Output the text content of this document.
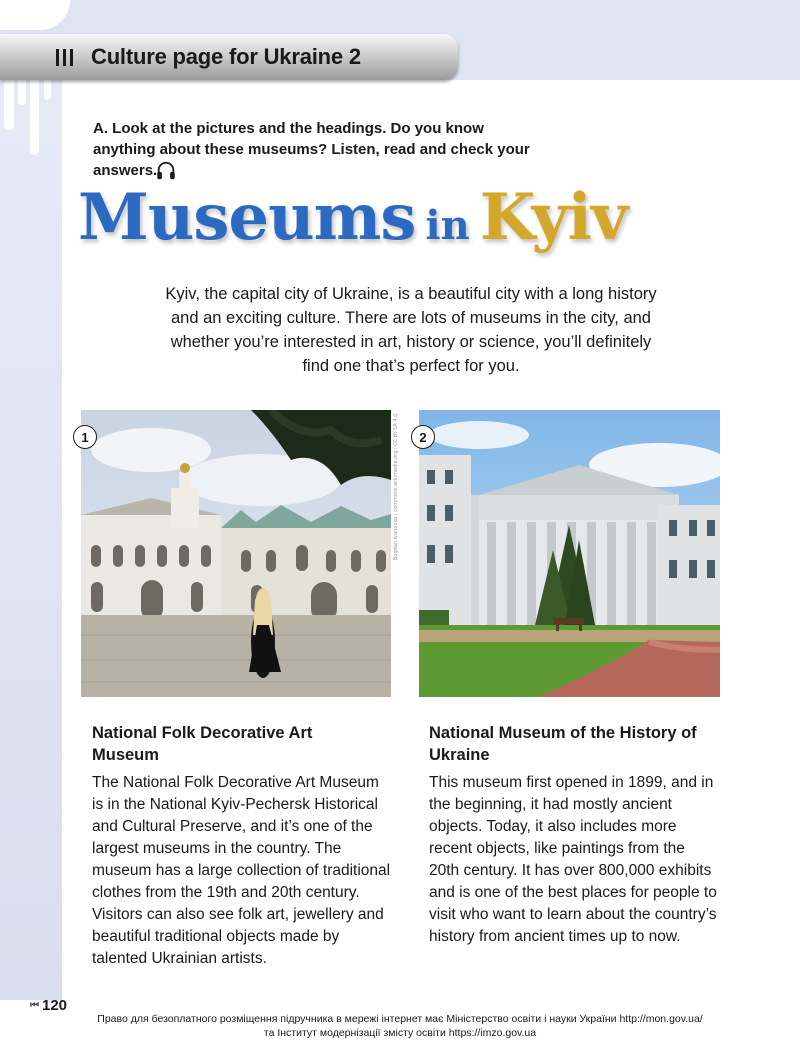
Culture page for Ukraine 2
A. Look at the pictures and the headings. Do you know anything about these museums? Listen, read and check your answers.
Museums in Kyiv
Kyiv, the capital city of Ukraine, is a beautiful city with a long history and an exciting culture. There are lots of museums in the city, and whether you’re interested in art, history or science, you’ll definitely find one that’s perfect for you.
1	Bogdan.Ivanenko / commons.wikimedia.org / CC BY-SA 4.0	2
National Folk Decorative Art Museum
The National Folk Decorative Art Museum is in the National Kyiv-Pechersk Historical and Cultural Preserve, and it’s one of the largest museums in the country. The museum has a large collection of traditional clothes from the 19th and 20th century. Visitors can also see folk art, jewellery and beautiful traditional objects made by talented Ukrainian artists.
National Museum of the History of Ukraine
This museum first opened in 1899, and in the beginning, it had mostly ancient objects. Today, it also includes more recent objects, like paintings from the 20th century. It has over 800,000 exhibits and is one of the best places for people to visit who want to learn about the country’s history from ancient times up to now.
⏮ 120
Право для безоплатного розміщення підручника в мережі інтернет має Міністерство освіти і науки України http://mon.gov.ua/
та Інститут модернізації змісту освіти https://imzo.gov.ua
